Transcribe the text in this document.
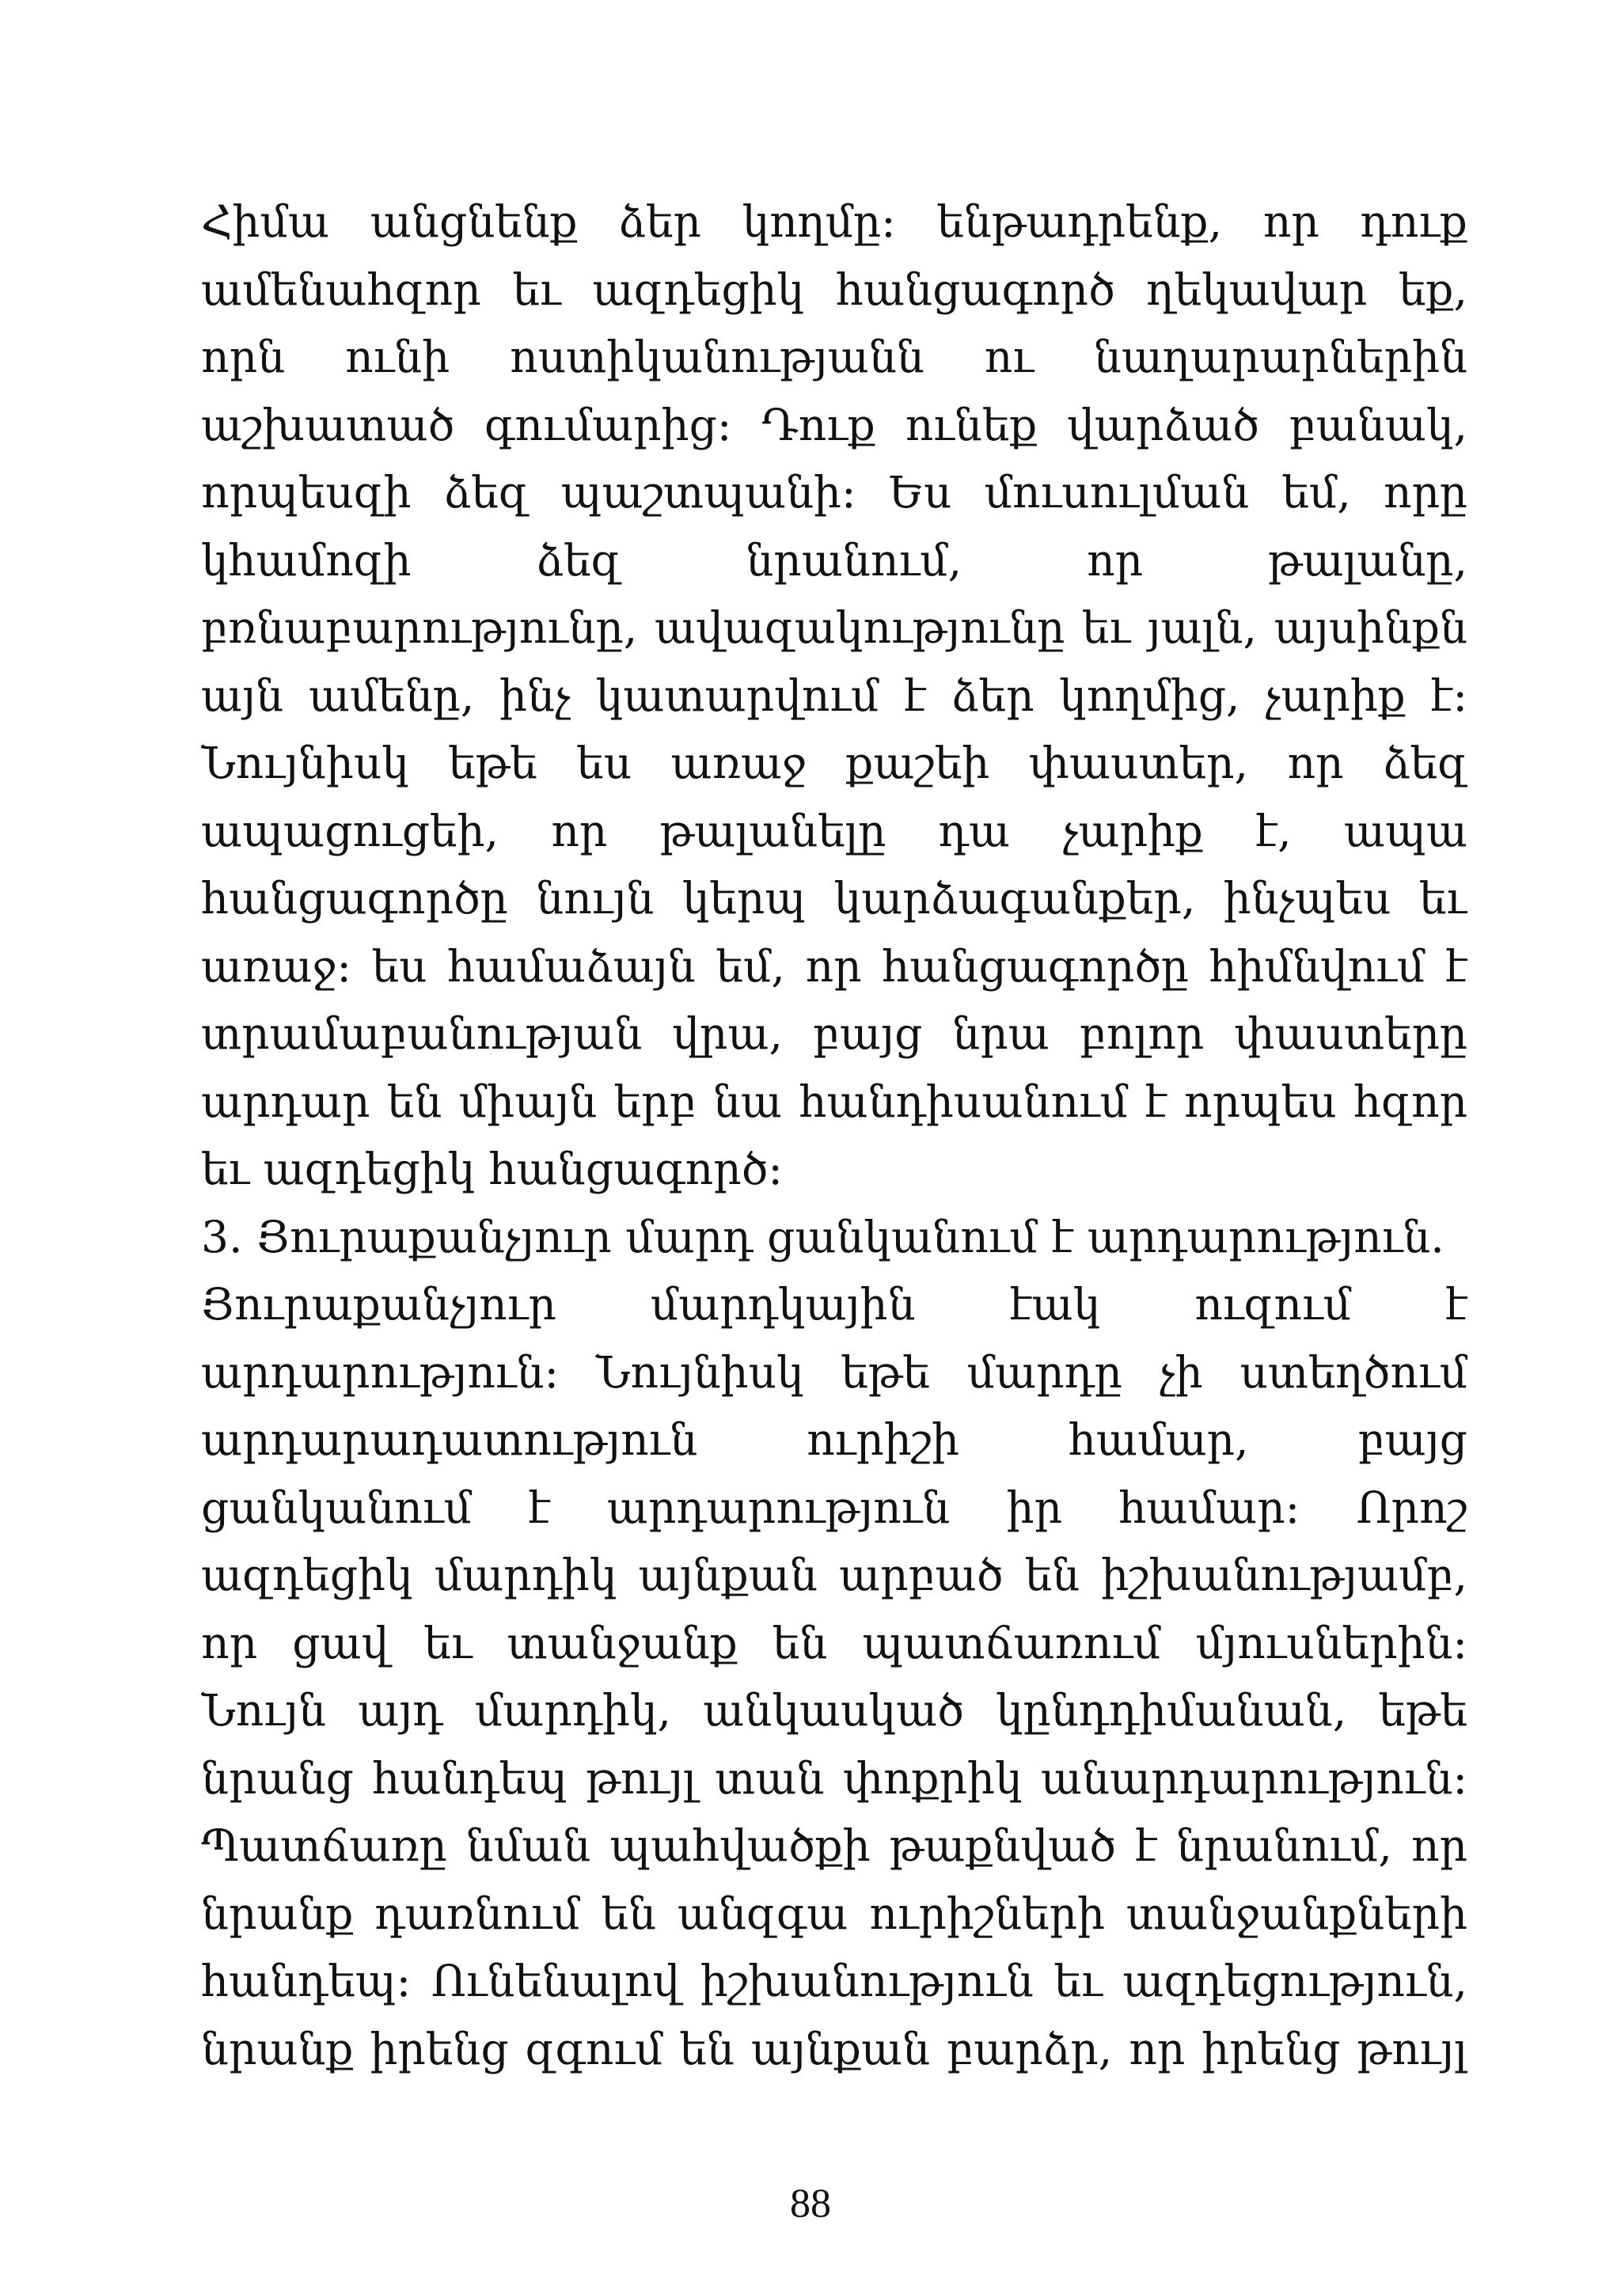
Հիմա անցնենք ձեր կողմը: ենթադրենք, որ դուք
ամենաhզոր եւ ազդեցիկ հանցագործ ղեկավար եք,
որն ունի ոստիկանությանն ու նաղարարներին
աշխատած գումարից: Դուք ունեք վարձած բանակ,
որպեսզի ձեզ պաշտպանի: Ես մուսուլման եմ, որը
կհամոզի ձեզ նրանում, որ թալանը,
բռնաբարությունը, ավազակությունը եւ յալն, այսինքն
այն ամենը, ինչ կատարվում է ձեր կողմից, չարիք է:
Նույնիսկ եթե ես առաջ քաշեի փաստեր, որ ձեզ
ապացուցեի, որ թալանելը դա չարիք է, ապա
հանցագործը նույն կերպ կարձագանքեր, ինչպես եւ
առաջ: ես համաձայն եմ, որ հանցագործը հիմնվում է
տրամաբանության վրա, բայց նրա բոլոր փաստերը
արդար են միայն երբ նա հանդիսանում է որպես հզոր
եւ ազդեցիկ հանցագործ:
3. Յուրաքանչյուր մարդ ցանկանում է արդարություն.
Յուրաքանչյուր մարդկային էակ ուզում է
արդարություն: Նույնիսկ եթե մարդը չի ստեղծում
արդարադատություն ուրիշի համար, բայց
ցանկանում է արդարություն իր համար: Որոշ
ազդեցիկ մարդիկ այնքան արբած են իշխանությամբ,
որ ցավ եւ տանջանք են պատճառում մյուսներին:
Նույն այդ մարդիկ, անկասկած կընդդիմանան, եթե
նրանց հանդեպ թույլ տան փոքրիկ անարդարություն:
Պատճառը նման պահվածքի թաքնված է նրանում, որ
նրանք դառնում են անզգա ուրիշների տանջանքների
հանդեպ: Ունենալով իշխանություն եւ ազդեցություն,
նրանք իրենց զգում են այնքան բարձր, որ իրենց թույլ
88
